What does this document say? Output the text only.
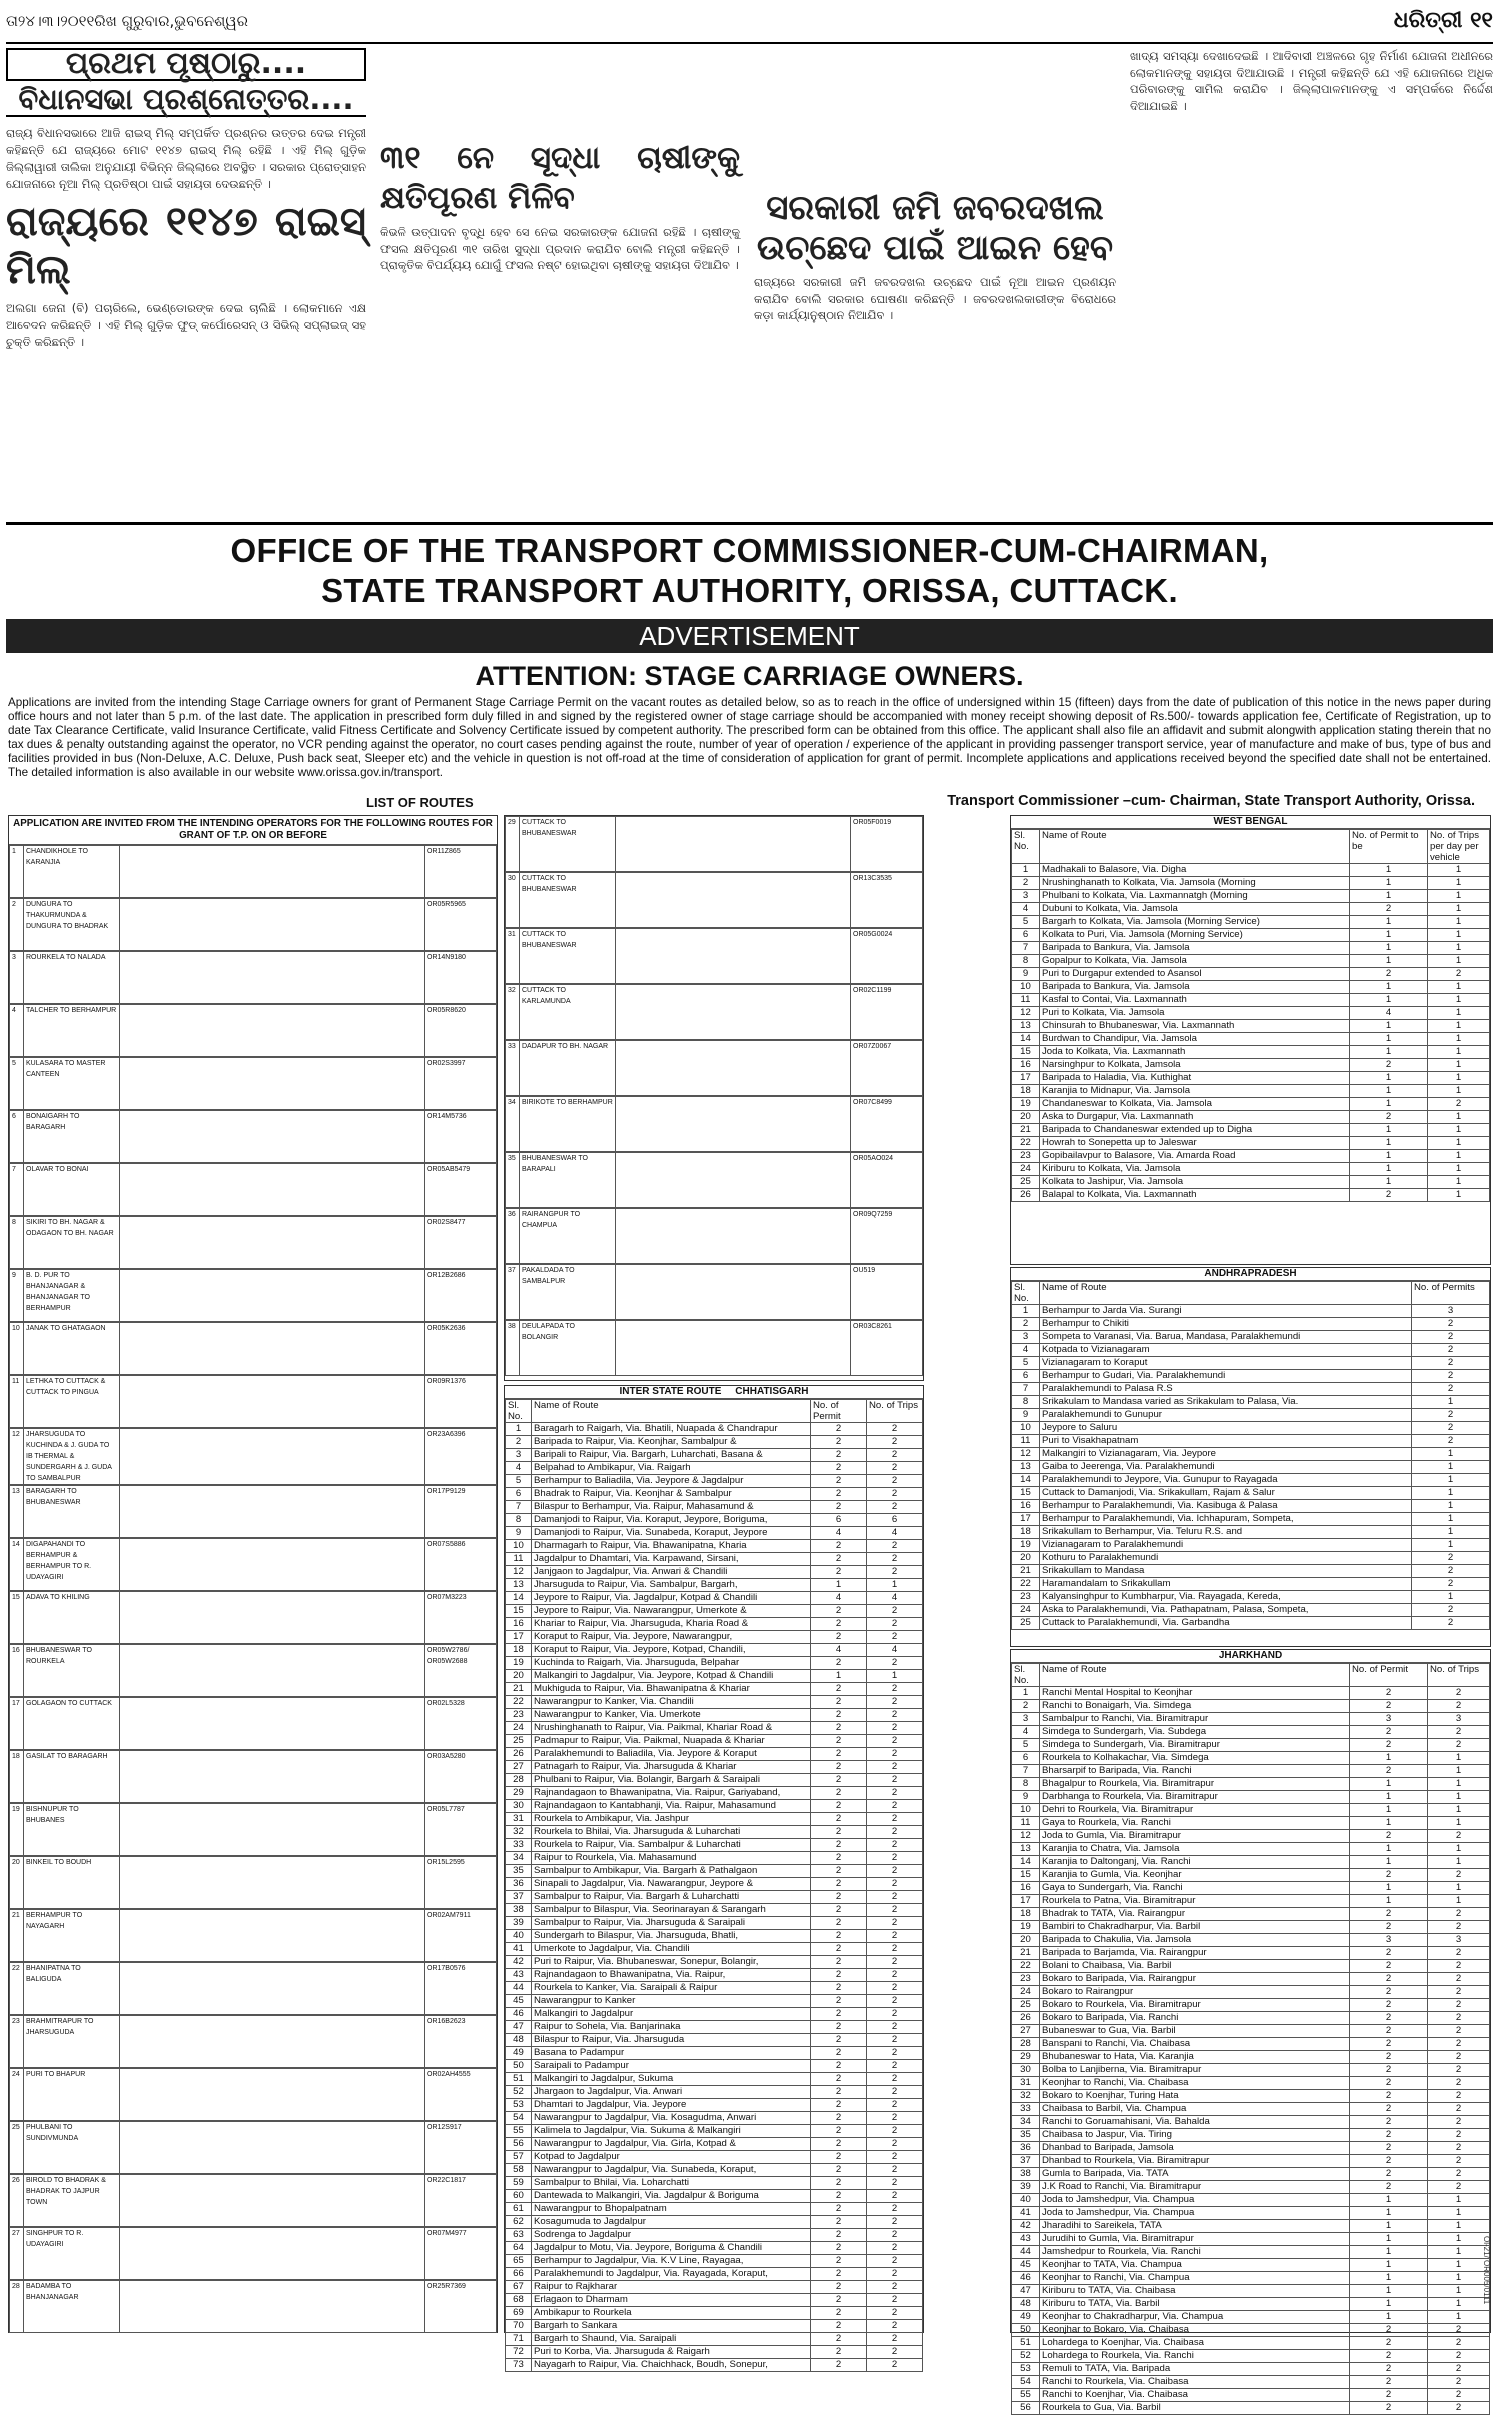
ତା୨୪।୩।୨୦୧୧ରିଖ ଗୁରୁବାର,ଭୁବନେଶ୍ୱର	ଧରିତ୍ରୀ ୧୧
ପ୍ରଥମ ପୃଷ୍ଠାରୁ....
ବିଧାନସଭା ପ୍ରଶ୍ନୋତ୍ତର....

ରାଜ୍ୟ ବିଧାନସଭାରେ ଆଜି ରାଇସ୍ ମିଲ୍ ସମ୍ପର୍କିତ ପ୍ରଶ୍ନର ଉତ୍ତର ଦେଇ ମନ୍ତ୍ରୀ କହିଛନ୍ତି ଯେ ରାଜ୍ୟରେ ମୋଟ ୧୧୪୭ ରାଇସ୍ ମିଲ୍ ରହିଛି । ଏହି ମିଲ୍ ଗୁଡ଼ିକ ଜିଲ୍ଲାୱାରୀ ତାଲିକା ଅନୁଯାୟୀ ବିଭିନ୍ନ ଜିଲ୍ଲାରେ ଅବସ୍ଥିତ । ସରକାର ପ୍ରୋତ୍ସାହନ ଯୋଜନାରେ ନୂଆ ମିଲ୍ ପ୍ରତିଷ୍ଠା ପାଇଁ ସହାୟତା ଦେଉଛନ୍ତି ।

ରାଜ୍ୟରେ ୧୧୪୭ ରାଇସ୍ ମିଲ୍

ଅଲଗା ଜେନା (ବି) ପଚାରିଲେ, ଭେଣ୍ଡୋରଙ୍କ ଦେଇ ଚାଲିଛି । ଲୋକମାନେ ଏକ୍ଷ ଆବେଦନ କରିଛନ୍ତି । ଏହି ମିଲ୍ ଗୁଡ଼ିକ ଫୁଡ୍ କର୍ପୋରେସନ୍ ଓ ସିଭିଲ୍ ସପ୍ଲାଇଜ୍ ସହ ଚୁକ୍ତି କରିଛନ୍ତି ।

୩୧ ନେ ସୂଦ୍ଧା ଚାଷୀଙ୍କୁ କ୍ଷତିପୂରଣ ମିଳିବ

କିଭଳି ଉତ୍ପାଦନ ବୃଦ୍ଧି ହେବ ସେ ନେଇ ସରକାରଙ୍କ ଯୋଜନା ରହିଛି । ଚାଷୀଙ୍କୁ ଫସଲ କ୍ଷତିପୂରଣ ୩୧ ତାରିଖ ସୁଦ୍ଧା ପ୍ରଦାନ କରାଯିବ ବୋଲି ମନ୍ତ୍ରୀ କହିଛନ୍ତି । ପ୍ରାକୃତିକ ବିପର୍ଯ୍ୟୟ ଯୋଗୁଁ ଫସଲ ନଷ୍ଟ ହୋଇଥିବା ଚାଷୀଙ୍କୁ ସହାୟତା ଦିଆଯିବ ।

ସରକାରୀ ଜମି ଜବରଦଖଲ ଉଚ୍ଛେଦ ପାଇଁ ଆଇନ ହେବ

ରାଜ୍ୟରେ ସରକାରୀ ଜମି ଜବରଦଖଲ ଉଚ୍ଛେଦ ପାଇଁ ନୂଆ ଆଇନ ପ୍ରଣୟନ କରାଯିବ ବୋଲି ସରକାର ଘୋଷଣା କରିଛନ୍ତି । ଜବରଦଖଲକାରୀଙ୍କ ବିରୋଧରେ କଡ଼ା କାର୍ଯ୍ୟାନୁଷ୍ଠାନ ନିଆଯିବ ।

ଖାଦ୍ୟ ସମସ୍ୟା ଦେଖାଦେଇଛି । ଆଦିବାସୀ ଅଞ୍ଚଳରେ ଗୃହ ନିର୍ମାଣ ଯୋଜନା ଅଧୀନରେ ଲୋକମାନଙ୍କୁ ସହାୟତା ଦିଆଯାଉଛି । ମନ୍ତ୍ରୀ କହିଛନ୍ତି ଯେ ଏହି ଯୋଜନାରେ ଅଧିକ ପରିବାରଙ୍କୁ ସାମିଲ କରାଯିବ । ଜିଲ୍ଲାପାଳମାନଙ୍କୁ ଏ ସମ୍ପର୍କରେ ନିର୍ଦ୍ଦେଶ ଦିଆଯାଇଛି ।

OFFICE OF THE TRANSPORT COMMISSIONER-CUM-CHAIRMAN,
STATE TRANSPORT AUTHORITY, ORISSA, CUTTACK.
ADVERTISEMENT
ATTENTION: STAGE CARRIAGE OWNERS.
Applications are invited from the intending Stage Carriage owners for grant of Permanent Stage Carriage Permit on the vacant routes as detailed below, so as to reach in the office of undersigned within 15 (fifteen) days from the date of publication of this notice in the news paper during office hours and not later than 5 p.m. of the last date. The application in prescribed form duly filled in and signed by the registered owner of stage carriage should be accompanied with money receipt showing deposit of Rs.500/- towards application fee, Certificate of Registration, up to date Tax Clearance Certificate, valid Insurance Certificate, valid Fitness Certificate and Solvency Certificate issued by competent authority. The prescribed form can be obtained from this office. The applicant shall also file an affidavit and submit alongwith application stating therein that no tax dues & penalty outstanding against the operator, no VCR pending against the operator, no court cases pending against the route, number of year of operation / experience of the applicant in providing passenger transport service, year of manufacture and make of bus, type of bus and facilities provided in bus (Non-Deluxe, A.C. Deluxe, Push back seat, Sleeper etc) and the vehicle in question is not off-road at the time of consideration of application for grant of permit. Incomplete applications and applications received beyond the specified date shall not be entertained. The detailed information is also available in our website www.orissa.gov.in/transport.
LIST OF ROUTES	Transport Commissioner –cum- Chairman, State Transport Authority, Orissa.
APPLICATION ARE INVITED FROM THE INTENDING OPERATORS FOR THE FOLLOWING ROUTES FOR GRANT OF T.P. ON OR BEFORE
1	CHANDIKHOLE TO KARANJIA		OR11Z865
2	DUNGURA TO THAKURMUNDA & DUNGURA TO BHADRAK		OR05R5965
3	ROURKELA TO NALADA		OR14N9180
4	TALCHER TO BERHAMPUR		OR05R8620
5	KULASARA TO MASTER CANTEEN		OR02S3997
6	BONAIGARH TO BARAGARH		OR14M5736
7	OLAVAR TO BONAI		OR05AB5479
8	SIKIRI TO BH. NAGAR & ODAGAON TO BH. NAGAR		OR02S8477
9	B. D. PUR TO BHANJANAGAR & BHANJANAGAR TO BERHAMPUR		OR12B2686
10	JANAK TO GHATAGAON		OR05K2636
11	LETHKA TO CUTTACK & CUTTACK TO PINGUA		OR09R1376
12	JHARSUGUDA TO KUCHINDA & J. GUDA TO IB THERMAL & SUNDERGARH & J. GUDA TO SAMBALPUR		OR23A6396
13	BARAGARH TO BHUBANESWAR		OR17P9129
14	DIGAPAHANDI TO BERHAMPUR & BERHAMPUR TO R. UDAYAGIRI		OR07S5886
15	ADAVA TO KHILING		OR07M3223
16	BHUBANESWAR TO ROURKELA		OR05W2786/ OR05W2688
17	GOLAGAON TO CUTTACK		OR02L5328
18	GASILAT TO BARAGARH		OR03A5280
19	BISHNUPUR TO BHUBANES		OR05L7787
20	BINKEIL TO BOUDH		OR15L2595
21	BERHAMPUR TO NAYAGARH		OR02AM7911
22	BHANIPATNA TO BALIGUDA		OR17B0576
23	BRAHMITRAPUR TO JHARSUGUDA		OR16B2623
24	PURI TO BHAPUR		OR02AH4555
25	PHULBANI TO SUNDIVMUNDA		OR12S917
26	BIROLD TO BHADRAK & BHADRAK TO JAJPUR TOWN		OR22C1817
27	SINGHPUR TO R. UDAYAGIRI		OR07M4977
28	BADAMBA TO BHANJANAGAR		OR25R7369
29	CUTTACK TO BHUBANESWAR		OR05F0019
30	CUTTACK TO BHUBANESWAR		OR13C3535
31	CUTTACK TO BHUBANESWAR		OR05G0024
32	CUTTACK TO KARLAMUNDA		OR02C1199
33	DADAPUR TO BH. NAGAR		OR07Z0067
34	BIRIKOTE TO BERHAMPUR		OR07C8499
35	BHUBANESWAR TO BARAPALI		OR05AO024
36	RAIRANGPUR TO CHAMPUA		OR09Q7259
37	PAKALDADA TO SAMBALPUR		OU519
38	DEULAPADA TO BOLANGIR		OR03C8261
INTER STATE ROUTE CHHATISGARH
Sl. No.	Name of Route	No. of Permit	No. of Trips
1	Baragarh to Raigarh, Via. Bhatili, Nuapada & Chandrapur	2	2
2	Baripada to Raipur, Via. Keonjhar, Sambalpur &	2	2
3	Baripali to Raipur, Via. Bargarh, Luharchati, Basana &	2	2
4	Belpahad to Ambikapur, Via. Raigarh	2	2
5	Berhampur to Baliadila, Via. Jeypore & Jagdalpur	2	2
6	Bhadrak to Raipur, Via. Keonjhar & Sambalpur	2	2
7	Bilaspur to Berhampur, Via. Raipur, Mahasamund &	2	2
8	Damanjodi to Raipur, Via. Koraput, Jeypore, Boriguma,	6	6
9	Damanjodi to Raipur, Via. Sunabeda, Koraput, Jeypore	4	4
10	Dharmagarh to Raipur, Via. Bhawanipatna, Kharia	2	2
11	Jagdalpur to Dhamtari, Via. Karpawand, Sirsani,	2	2
12	Janjgaon to Jagdalpur, Via. Anwari & Chandili	2	2
13	Jharsuguda to Raipur, Via. Sambalpur, Bargarh,	1	1
14	Jeypore to Raipur, Via. Jagdalpur, Kotpad & Chandili	4	4
15	Jeypore to Raipur, Via. Nawarangpur, Umerkote &	2	2
16	Khariar to Raipur, Via. Jharsuguda, Kharia Road &	2	2
17	Koraput to Raipur, Via. Jeypore, Nawarangpur,	2	2
18	Koraput to Raipur, Via. Jeypore, Kotpad, Chandili,	4	4
19	Kuchinda to Raigarh, Via. Jharsuguda, Belpahar	2	2
20	Malkangiri to Jagdalpur, Via. Jeypore, Kotpad & Chandili	1	1
21	Mukhiguda to Raipur, Via. Bhawanipatna & Khariar	2	2
22	Nawarangpur to Kanker, Via. Chandili	2	2
23	Nawarangpur to Kanker, Via. Umerkote	2	2
24	Nrushinghanath to Raipur, Via. Paikmal, Khariar Road &	2	2
25	Padmapur to Raipur, Via. Paikmal, Nuapada & Khariar	2	2
26	Paralakhemundi to Baliadila, Via. Jeypore & Koraput	2	2
27	Patnagarh to Raipur, Via. Jharsuguda & Khariar	2	2
28	Phulbani to Raipur, Via. Bolangir, Bargarh & Saraipali	2	2
29	Rajnandagaon to Bhawanipatna, Via. Raipur, Gariyaband,	2	2
30	Rajnandagaon to Kantabhanji, Via. Raipur, Mahasamund	2	2
31	Rourkela to Ambikapur, Via. Jashpur	2	2
32	Rourkela to Bhilai, Via. Jharsuguda & Luharchati	2	2
33	Rourkela to Raipur, Via. Sambalpur & Luharchati	2	2
34	Raipur to Rourkela, Via. Mahasamund	2	2
35	Sambalpur to Ambikapur, Via. Bargarh & Pathalgaon	2	2
36	Sinapali to Jagdalpur, Via. Nawarangpur, Jeypore &	2	2
37	Sambalpur to Raipur, Via. Bargarh & Luharchatti	2	2
38	Sambalpur to Bilaspur, Via. Seorinarayan & Sarangarh	2	2
39	Sambalpur to Raipur, Via. Jharsuguda & Saraipali	2	2
40	Sundergarh to Bilaspur, Via. Jharsuguda, Bhatli,	2	2
41	Umerkote to Jagdalpur, Via. Chandili	2	2
42	Puri to Raipur, Via. Bhubaneswar, Sonepur, Bolangir,	2	2
43	Rajnandagaon to Bhawanipatna, Via. Raipur,	2	2
44	Rourkela to Kanker, Via. Saraipali & Raipur	2	2
45	Nawarangpur to Kanker	2	2
46	Malkangiri to Jagdalpur	2	2
47	Raipur to Sohela, Via. Banjarinaka	2	2
48	Bilaspur to Raipur, Via. Jharsuguda	2	2
49	Basana to Padampur	2	2
50	Saraipali to Padampur	2	2
51	Malkangiri to Jagdalpur, Sukuma	2	2
52	Jhargaon to Jagdalpur, Via. Anwari	2	2
53	Dhamtari to Jagdalpur, Via. Jeypore	2	2
54	Nawarangpur to Jagdalpur, Via. Kosagudma, Anwari	2	2
55	Kalimela to Jagdalpur, Via. Sukuma & Malkangiri	2	2
56	Nawarangpur to Jagdalpur, Via. Girla, Kotpad &	2	2
57	Kotpad to Jagdalpur	2	2
58	Nawarangpur to Jagdalpur, Via. Sunabeda, Koraput,	2	2
59	Sambalpur to Bhilai, Via. Loharchatti	2	2
60	Dantewada to Malkangiri, Via. Jagdalpur & Boriguma	2	2
61	Nawarangpur to Bhopalpatnam	2	2
62	Kosagumuda to Jagdalpur	2	2
63	Sodrenga to Jagdalpur	2	2
64	Jagdalpur to Motu, Via. Jeypore, Boriguma & Chandili	2	2
65	Berhampur to Jagdalpur, Via. K.V Line, Rayagaa,	2	2
66	Paralakhemundi to Jagdalpur, Via. Rayagada, Koraput,	2	2
67	Raipur to Rajkharar	2	2
68	Erlagaon to Dharmam	2	2
69	Ambikapur to Rourkela	2	2
70	Bargarh to Sankara	2	2
71	Bargarh to Shaund, Via. Saraipali	2	2
72	Puri to Korba, Via. Jharsuguda & Raigarh	2	2
73	Nayagarh to Raipur, Via. Chaichhack, Boudh, Sonepur,	2	2
WEST BENGAL
Sl. No.	Name of Route	No. of Permit to be	No. of Trips per day per vehicle
1	Madhakali to Balasore, Via. Digha	1	1
2	Nrushinghanath to Kolkata, Via. Jamsola (Morning	1	1
3	Phulbani to Kolkata, Via. Laxmannatgh (Morning	1	1
4	Dubuni to Kolkata, Via. Jamsola	2	1
5	Bargarh to Kolkata, Via. Jamsola (Morning Service)	1	1
6	Kolkata to Puri, Via. Jamsola (Morning Service)	1	1
7	Baripada to Bankura, Via. Jamsola	1	1
8	Gopalpur to Kolkata, Via. Jamsola	1	1
9	Puri to Durgapur extended to Asansol	2	2
10	Baripada to Bankura, Via. Jamsola	1	1
11	Kasfal to Contai, Via. Laxmannath	1	1
12	Puri to Kolkata, Via. Jamsola	4	1
13	Chinsurah to Bhubaneswar, Via. Laxmannath	1	1
14	Burdwan to Chandipur, Via. Jamsola	1	1
15	Joda to Kolkata, Via. Laxmannath	1	1
16	Narsinghpur to Kolkata, Jamsola	2	1
17	Baripada to Haladia, Via. Kuthighat	1	1
18	Karanjia to Midnapur, Via. Jamsola	1	1
19	Chandaneswar to Kolkata, Via. Jamsola	1	2
20	Aska to Durgapur, Via. Laxmannath	2	1
21	Baripada to Chandaneswar extended up to Digha	1	1
22	Howrah to Sonepetta up to Jaleswar	1	1
23	Gopibailavpur to Balasore, Via. Amarda Road	1	1
24	Kiriburu to Kolkata, Via. Jamsola	1	1
25	Kolkata to Jashipur, Via. Jamsola	1	1
26	Balapal to Kolkata, Via. Laxmannath	2	1
ANDHRAPRADESH
Sl. No.	Name of Route	No. of Permits
1	Berhampur to Jarda Via. Surangi	3
2	Berhampur to Chikiti	2
3	Sompeta to Varanasi, Via. Barua, Mandasa, Paralakhemundi	2
4	Kotpada to Vizianagaram	2
5	Vizianagaram to Koraput	2
6	Berhampur to Gudari, Via. Paralakhemundi	2
7	Paralakhemundi to Palasa R.S	2
8	Srikakulam to Mandasa varied as Srikakulam to Palasa, Via.	1
9	Paralakhemundi to Gunupur	2
10	Jeypore to Saluru	2
11	Puri to Visakhapatnam	2
12	Malkangiri to Vizianagaram, Via. Jeypore	1
13	Gaiba to Jeerenga, Via. Paralakhemundi	1
14	Paralakhemundi to Jeypore, Via. Gunupur to Rayagada	1
15	Cuttack to Damanjodi, Via. Srikakullam, Rajam & Salur	1
16	Berhampur to Paralakhemundi, Via. Kasibuga & Palasa	1
17	Berhampur to Paralakhemundi, Via. Ichhapuram, Sompeta,	1
18	Srikakullam to Berhampur, Via. Teluru R.S. and	1
19	Vizianagaram to Paralakhemundi	1
20	Kothuru to Paralakhemundi	2
21	Srikakullam to Mandasa	2
22	Haramandalam to Srikakullam	2
23	Kalyansinghpur to Kumbharpur, Via. Rayagada, Kereda,	1
24	Aska to Paralakhemundi, Via. Pathapatnam, Palasa, Sompeta,	2
25	Cuttack to Paralakhemundi, Via. Garbandha	2
JHARKHAND
Sl. No.	Name of Route	No. of Permit	No. of Trips
1	Ranchi Mental Hospital to Keonjhar	2	2
2	Ranchi to Bonaigarh, Via. Simdega	2	2
3	Sambalpur to Ranchi, Via. Biramitrapur	3	3
4	Simdega to Sundergarh, Via. Subdega	2	2
5	Simdega to Sundergarh, Via. Biramitrapur	2	2
6	Rourkela to Kolhakachar, Via. Simdega	1	1
7	Bharsarpif to Baripada, Via. Ranchi	2	1
8	Bhagalpur to Rourkela, Via. Biramitrapur	1	1
9	Darbhanga to Rourkela, Via. Biramitrapur	1	1
10	Dehri to Rourkela, Via. Biramitrapur	1	1
11	Gaya to Rourkela, Via. Ranchi	1	1
12	Joda to Gumla, Via. Biramitrapur	2	2
13	Karanjia to Chatra, Via. Jamsola	1	1
14	Karanjia to Daltonganj, Via. Ranchi	1	1
15	Karanjia to Gumla, Via. Keonjhar	2	2
16	Gaya to Sundergarh, Via. Ranchi	1	1
17	Rourkela to Patna, Via. Biramitrapur	1	1
18	Bhadrak to TATA, Via. Rairangpur	2	2
19	Bambiri to Chakradharpur, Via. Barbil	2	2
20	Baripada to Chakulia, Via. Jamsola	3	3
21	Baripada to Barjamda, Via. Rairangpur	2	2
22	Bolani to Chaibasa, Via. Barbil	2	2
23	Bokaro to Baripada, Via. Rairangpur	2	2
24	Bokaro to Rairangpur	2	2
25	Bokaro to Rourkela, Via. Biramitrapur	2	2
26	Bokaro to Baripada, Via. Ranchi	2	2
27	Bubaneswar to Gua, Via. Barbil	2	2
28	Banspani to Ranchi, Via. Chaibasa	2	2
29	Bhubaneswar to Hata, Via. Karanjia	2	2
30	Bolba to Lanjiberna, Via. Biramitrapur	2	2
31	Keonjhar to Ranchi, Via. Chaibasa	2	2
32	Bokaro to Koenjhar, Turing Hata	2	2
33	Chaibasa to Barbil, Via. Champua	2	2
34	Ranchi to Goruamahisani, Via. Bahalda	2	2
35	Chaibasa to Jaspur, Via. Tiring	2	2
36	Dhanbad to Baripada, Jamsola	2	2
37	Dhanbad to Rourkela, Via. Biramitrapur	2	2
38	Gumla to Baripada, Via. TATA	2	2
39	J.K Road to Ranchi, Via. Biramitrapur	2	2
40	Joda to Jamshedpur, Via. Champua	1	1
41	Joda to Jamshedpur, Via. Champua	1	1
42	Jharadihi to Sareikela, TATA	1	1
43	Jurudihi to Gumla, Via. Biramitrapur	1	1
44	Jamshedpur to Rourkela, Via. Ranchi	1	1
45	Keonjhar to TATA, Via. Champua	1	1
46	Keonjhar to Ranchi, Via. Champua	1	1
47	Kiriburu to TATA, Via. Chaibasa	1	1
48	Kiriburu to TATA, Via. Barbil	1	1
49	Keonjhar to Chakradharpur, Via. Champua	1	1
50	Keonjhar to Bokaro, Via. Chaibasa	2	2
51	Lohardega to Koenjhar, Via. Chaibasa	2	2
52	Lohardega to Rourkela, Via. Ranchi	2	2
53	Remuli to TATA, Via. Baripada	2	2
54	Ranchi to Rourkela, Via. Chaibasa	2	2
55	Ranchi to Koenjhar, Via. Chaibasa	2	2
56	Rourkela to Gua, Via. Barbil	2	2
Ol-21/ OR005/0111
